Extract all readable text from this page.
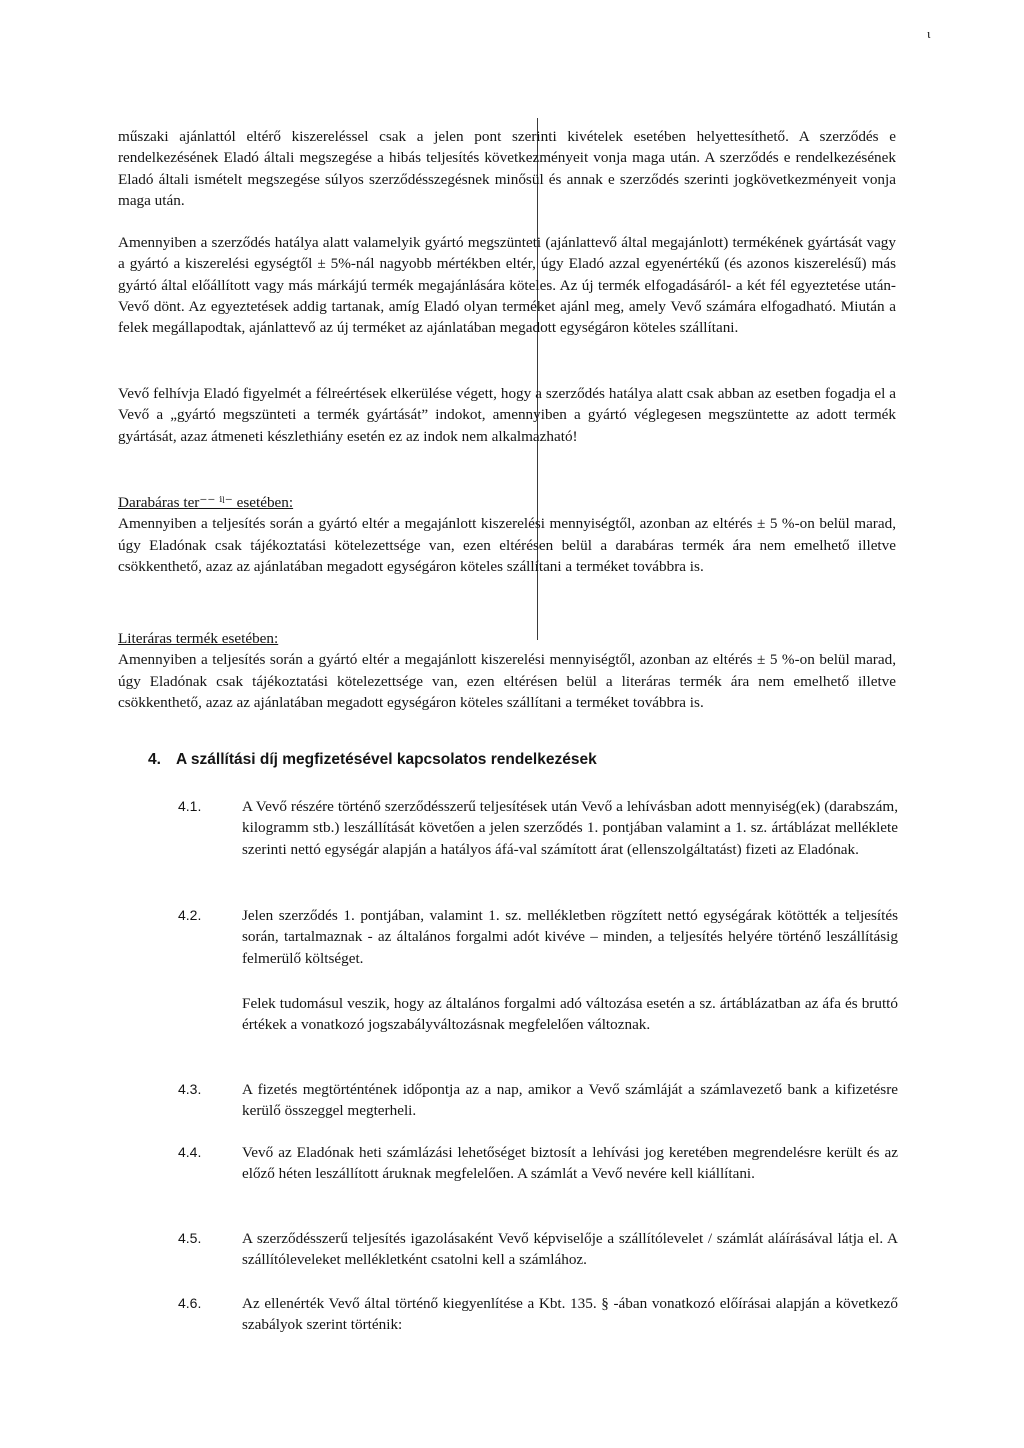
ι

műszaki ajánlattól eltérő kiszereléssel csak a jelen pont szerinti kivételek esetében helyettesíthető. A szerződés e rendelkezésének Eladó általi megszegése a hibás teljesítés következményeit vonja maga után. A szerződés e rendelkezésének Eladó általi ismételt megszegése súlyos szerződésszegésnek minősül és annak e szerződés szerinti jogkövetkezményeit vonja maga után.

Amennyiben a szerződés hatálya alatt valamelyik gyártó megszünteti (ajánlattevő által megajánlott) termékének gyártását vagy a gyártó a kiszerelési egységtől ± 5%-nál nagyobb mértékben eltér, úgy Eladó azzal egyenértékű (és azonos kiszerelésű) más gyártó által előállított vagy más márkájú termék megajánlására köteles. Az új termék elfogadásáról- a két fél egyeztetése után- Vevő dönt. Az egyeztetések addig tartanak, amíg Eladó olyan terméket ajánl meg, amely Vevő számára elfogadható. Miután a felek megállapodtak, ajánlattevő az új terméket az ajánlatában megadott egységáron köteles szállítani.

Vevő felhívja Eladó figyelmét a félreértések elkerülése végett, hogy a szerződés hatálya alatt csak abban az esetben fogadja el a Vevő a „gyártó megszünteti a termék gyártását” indokot, amennyiben a gyártó véglegesen megszüntette az adott termék gyártását, azaz átmeneti készlethiány esetén ez az indok nem alkalmazható!

Darabáras ter⁻⁻ ⁱˡ⁻ esetében:
Amennyiben a teljesítés során a gyártó eltér a megajánlott kiszerelési mennyiségtől, azonban az eltérés ± 5 %-on belül marad, úgy Eladónak csak tájékoztatási kötelezettsége van, ezen eltérésen belül a darabáras termék ára nem emelhető illetve csökkenthető, azaz az ajánlatában megadott egységáron köteles szállítani a terméket továbbra is.
Literáras termék esetében:
Amennyiben a teljesítés során a gyártó eltér a megajánlott kiszerelési mennyiségtől, azonban az eltérés ± 5 %-on belül marad, úgy Eladónak csak tájékoztatási kötelezettsége van, ezen eltérésen belül a literáras termék ára nem emelhető illetve csökkenthető, azaz az ajánlatában megadott egységáron köteles szállítani a terméket továbbra is.
4. A szállítási díj megfizetésével kapcsolatos rendelkezések
4.1.	A Vevő részére történő szerződésszerű teljesítések után Vevő a lehívásban adott mennyiség(ek) (darabszám, kilogramm stb.) leszállítását követően a jelen szerződés 1. pontjában valamint a 1. sz. ártáblázat melléklete szerinti nettó egységár alapján a hatályos áfá-val számított árat (ellenszolgáltatást) fizeti az Eladónak.
4.2.	Jelen szerződés 1. pontjában, valamint 1. sz. mellékletben rögzített nettó egységárak kötötték a teljesítés során, tartalmaznak - az általános forgalmi adót kivéve – minden, a teljesítés helyére történő leszállításig felmerülő költséget.

Felek tudomásul veszik, hogy az általános forgalmi adó változása esetén a sz. ártáblázatban az áfa és bruttó értékek a vonatkozó jogszabályváltozásnak megfelelően változnak.

4.3.	A fizetés megtörténtének időpontja az a nap, amikor a Vevő számláját a számlavezető bank a kifizetésre kerülő összeggel megterheli.
4.4.	Vevő az Eladónak heti számlázási lehetőséget biztosít a lehívási jog keretében megrendelésre került és az előző héten leszállított áruknak megfelelően. A számlát a Vevő nevére kell kiállítani.
4.5.	A szerződésszerű teljesítés igazolásaként Vevő képviselője a szállítólevelet / számlát aláírásával látja el. A szállítóleveleket mellékletként csatolni kell a számlához.
4.6.	Az ellenérték Vevő által történő kiegyenlítése a Kbt. 135. § -ában vonatkozó előírásai alapján a következő szabályok szerint történik:
